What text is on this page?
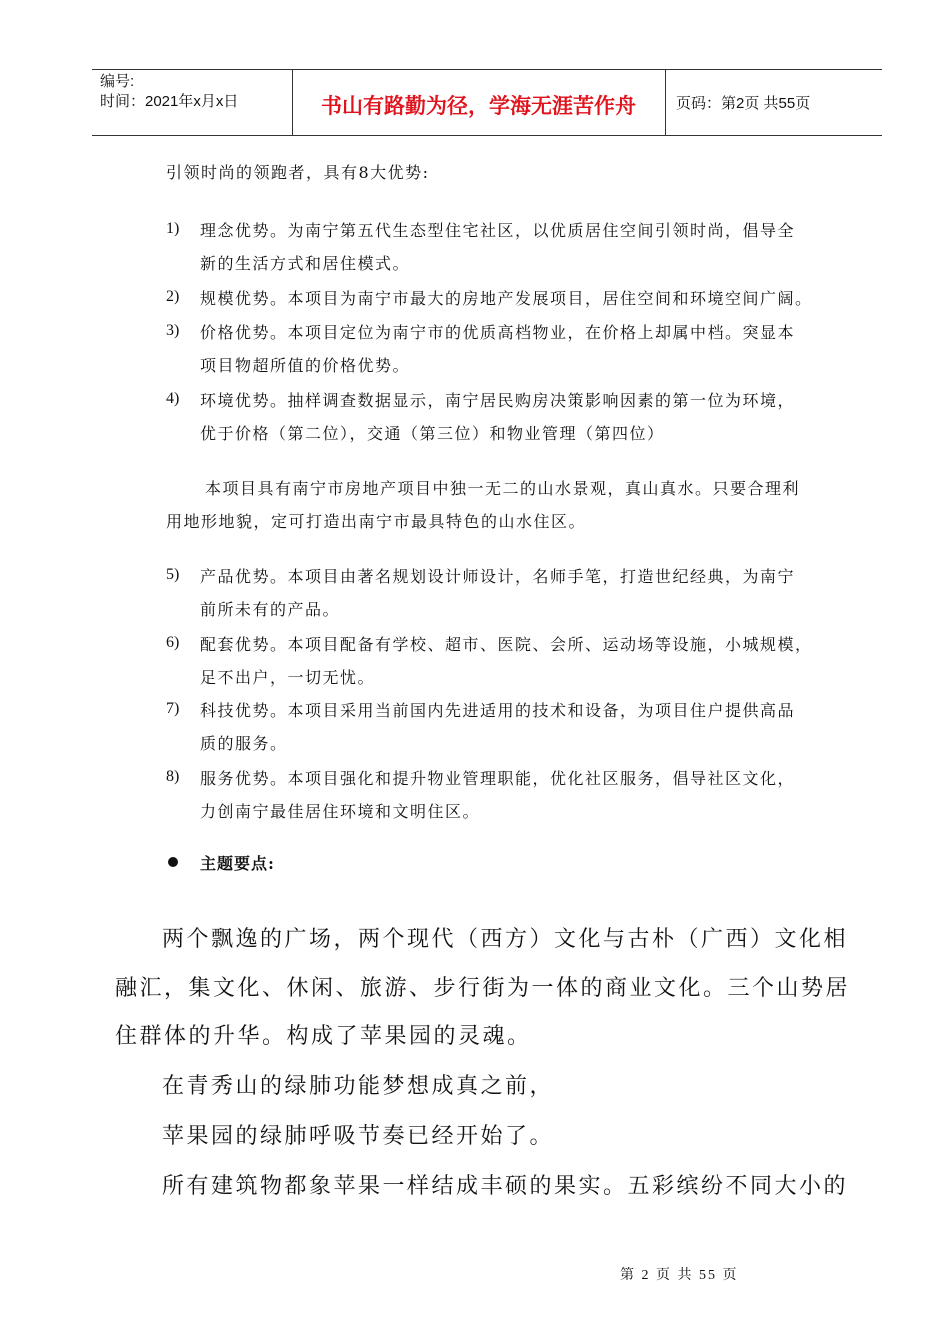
编号:
时间：2021年x月x日	书山有路勤为径，学海无涯苦作舟	页码：第2页 共55页
引领时尚的领跑者，具有8大优势:
1) 理念优势。为南宁第五代生态型住宅社区，以优质居住空间引领时尚，倡导全
新的生活方式和居住模式。
2) 规模优势。本项目为南宁市最大的房地产发展项目，居住空间和环境空间广阔。
3) 价格优势。本项目定位为南宁市的优质高档物业，在价格上却属中档。突显本
项目物超所值的价格优势。
4) 环境优势。抽样调查数据显示，南宁居民购房决策影响因素的第一位为环境，
优于价格（第二位），交通（第三位）和物业管理（第四位）
本项目具有南宁市房地产项目中独一无二的山水景观，真山真水。只要合理利
用地形地貌，定可打造出南宁市最具特色的山水住区。
5) 产品优势。本项目由著名规划设计师设计，名师手笔，打造世纪经典，为南宁
前所未有的产品。
6) 配套优势。本项目配备有学校、超市、医院、会所、运动场等设施，小城规模，
足不出户，一切无忧。
7) 科技优势。本项目采用当前国内先进适用的技术和设备，为项目住户提供高品
质的服务。
8) 服务优势。本项目强化和提升物业管理职能，优化社区服务，倡导社区文化，
力创南宁最佳居住环境和文明住区。
主题要点:
两个飘逸的广场，两个现代（西方）文化与古朴（广西）文化相
融汇，集文化、休闲、旅游、步行街为一体的商业文化。三个山势居
住群体的升华。构成了苹果园的灵魂。
在青秀山的绿肺功能梦想成真之前，
苹果园的绿肺呼吸节奏已经开始了。
所有建筑物都象苹果一样结成丰硕的果实。五彩缤纷不同大小的
第 2 页 共 55 页
